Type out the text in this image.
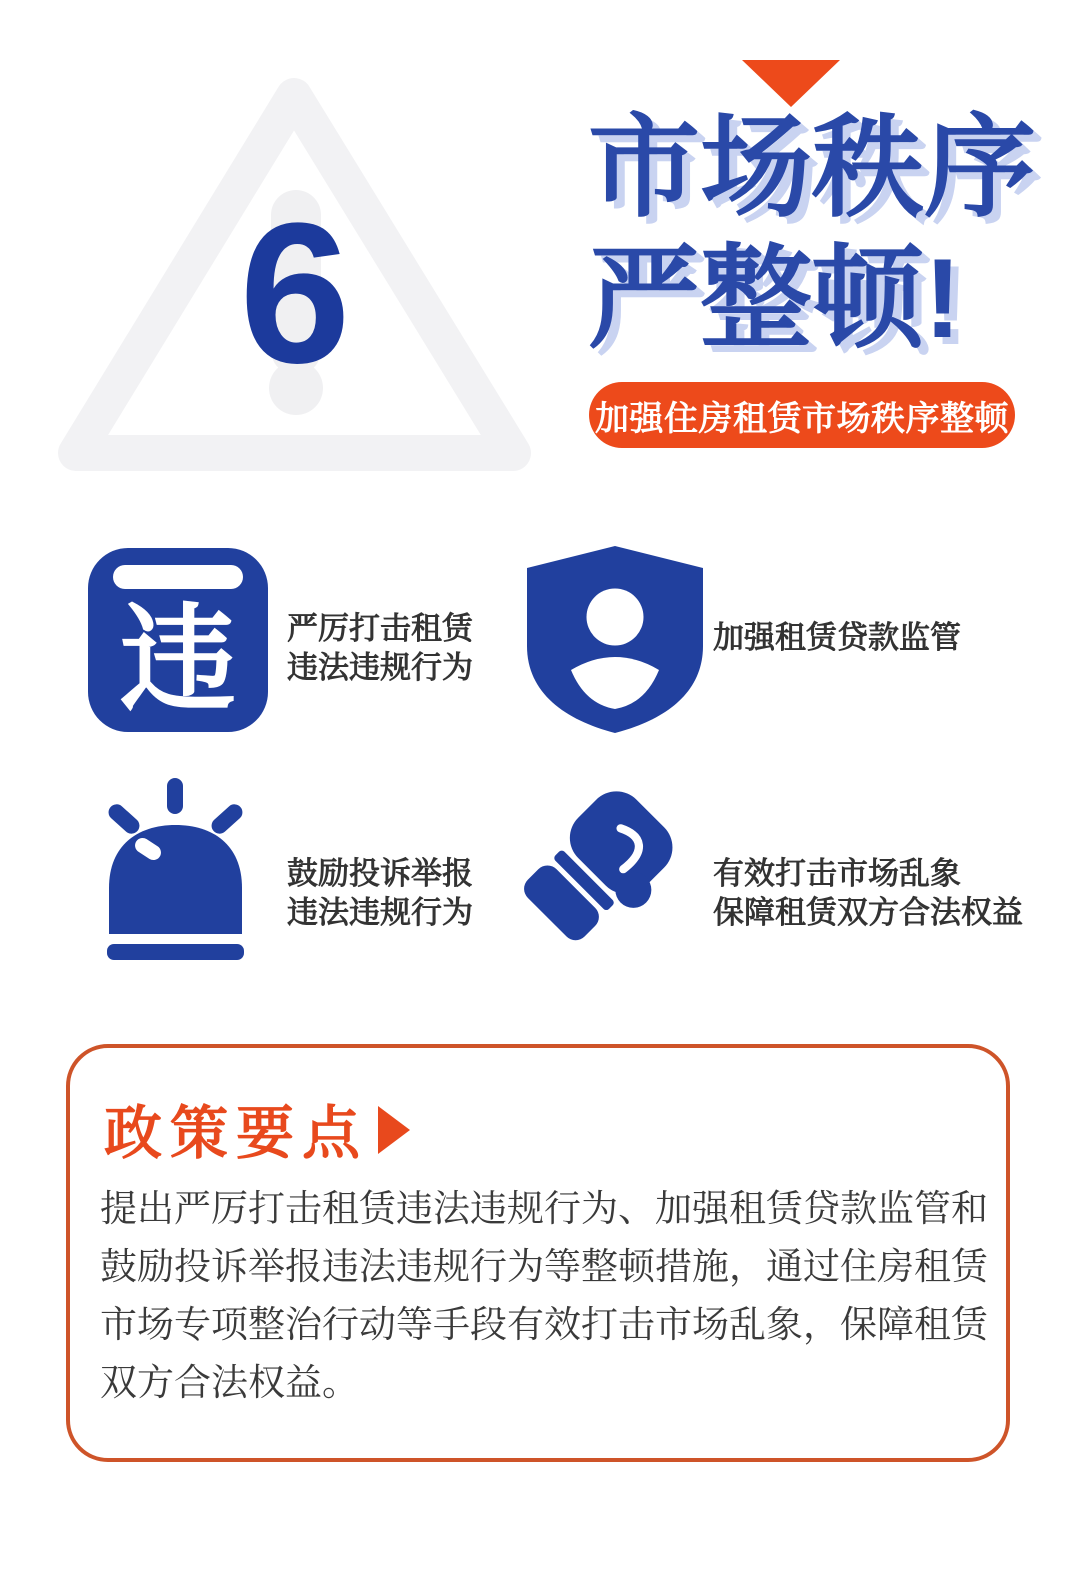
6
市场秩序
严整顿!
加强住房租赁市场秩序整顿
违 严厉打击租赁
违法违规行为
加强租赁贷款监管
鼓励投诉举报
违法违规行为
有效打击市场乱象
保障租赁双方合法权益
政策要点

提出严厉打击租赁违法违规行为、加强租赁贷款监管和
鼓励投诉举报违法违规行为等整顿措施，通过住房租赁
市场专项整治行动等手段有效打击市场乱象，保障租赁
双方合法权益。
